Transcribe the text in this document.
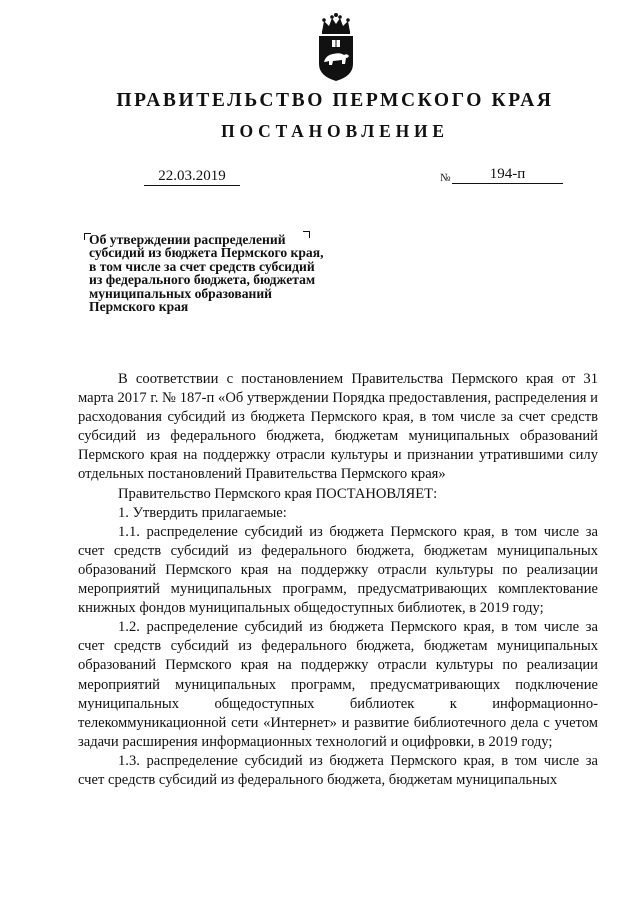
ПРАВИТЕЛЬСТВО ПЕРМСКОГО КРАЯ
ПОСТАНОВЛЕНИЕ
22.03.2019	№	194-п
Об утверждении распределений
субсидий из бюджета Пермского края,
в том числе за счет средств субсидий
из федерального бюджета, бюджетам
муниципальных образований
Пермского края

В соответствии с постановлением Правительства Пермского края от 31 марта 2017 г. № 187-п «Об утверждении Порядка предоставления, распределения и расходования субсидий из бюджета Пермского края, в том числе за счет средств субсидий из федерального бюджета, бюджетам муниципальных образований Пермского края на поддержку отрасли культуры и признании утратившими силу отдельных постановлений Правительства Пермского края»

Правительство Пермского края ПОСТАНОВЛЯЕТ:

1. Утвердить прилагаемые:

1.1. распределение субсидий из бюджета Пермского края, в том числе за счет средств субсидий из федерального бюджета, бюджетам муниципальных образований Пермского края на поддержку отрасли культуры по реализации мероприятий муниципальных программ, предусматривающих комплектование книжных фондов муниципальных общедоступных библиотек, в 2019 году;

1.2. распределение субсидий из бюджета Пермского края, в том числе за счет средств субсидий из федерального бюджета, бюджетам муниципальных образований Пермского края на поддержку отрасли культуры по реализации мероприятий муниципальных программ, предусматривающих подключение муниципальных общедоступных библиотек к информационно-телекоммуникационной сети «Интернет» и развитие библиотечного дела с учетом задачи расширения информационных технологий и оцифровки, в 2019 году;

1.3. распределение субсидий из бюджета Пермского края, в том числе за счет средств субсидий из федерального бюджета, бюджетам муниципальных
